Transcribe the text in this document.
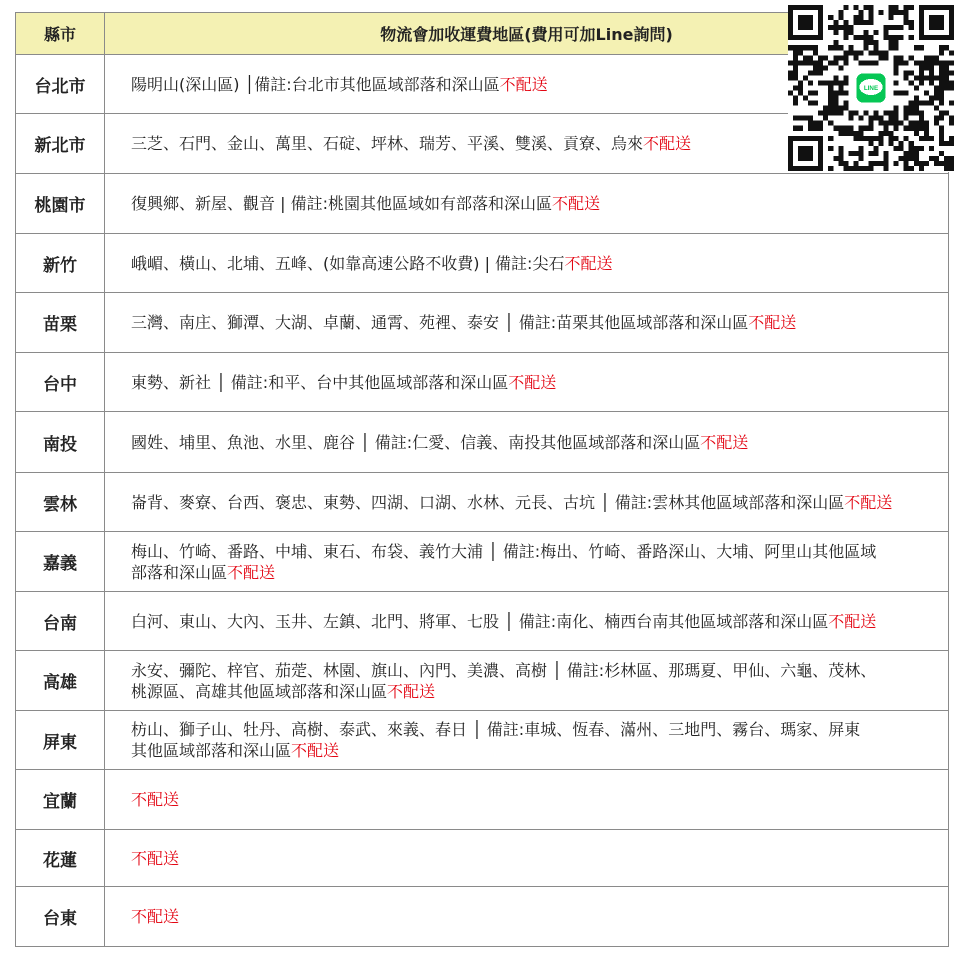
縣市	物流會加收運費地區(費用可加Line詢問)
台北市	陽明山(深山區) │備註:台北市其他區域部落和深山區不配送
新北市	三芝、石門、金山、萬里、石碇、坪林、瑞芳、平溪、雙溪、貢寮、烏來不配送
桃園市	復興鄉、新屋、觀音 | 備註:桃園其他區域如有部落和深山區不配送
新竹	峨嵋、橫山、北埔、五峰、(如靠高速公路不收費) | 備註:尖石不配送
苗栗	三灣、南庄、獅潭、大湖、卓蘭、通霄、苑裡、泰安 │ 備註:苗栗其他區域部落和深山區不配送
台中	東勢、新社 │ 備註:和平、台中其他區域部落和深山區不配送
南投	國姓、埔里、魚池、水里、鹿谷 │ 備註:仁愛、信義、南投其他區域部落和深山區不配送
雲林	崙背、麥寮、台西、褒忠、東勢、四湖、口湖、水林、元長、古坑 │ 備註:雲林其他區域部落和深山區不配送
嘉義	梅山、竹崎、番路、中埔、東石、布袋、義竹大浦 │ 備註:梅出、竹崎、番路深山、大埔、阿里山其他區域
部落和深山區不配送

台南	白河、東山、大內、玉井、左鎮、北門、將軍、七股 │ 備註:南化、楠西台南其他區域部落和深山區不配送
高雄	永安、彌陀、梓官、茄萣、林園、旗山、內門、美濃、高樹 │ 備註:杉林區、那瑪夏、甲仙、六龜、茂林、
桃源區、高雄其他區域部落和深山區不配送

屏東	枋山、獅子山、牡丹、高樹、泰武、來義、春日 │ 備註:車城、恆春、滿州、三地門、霧台、瑪家、屏東
其他區域部落和深山區不配送

宜蘭	不配送
花蓮	不配送
台東	不配送
LINE
